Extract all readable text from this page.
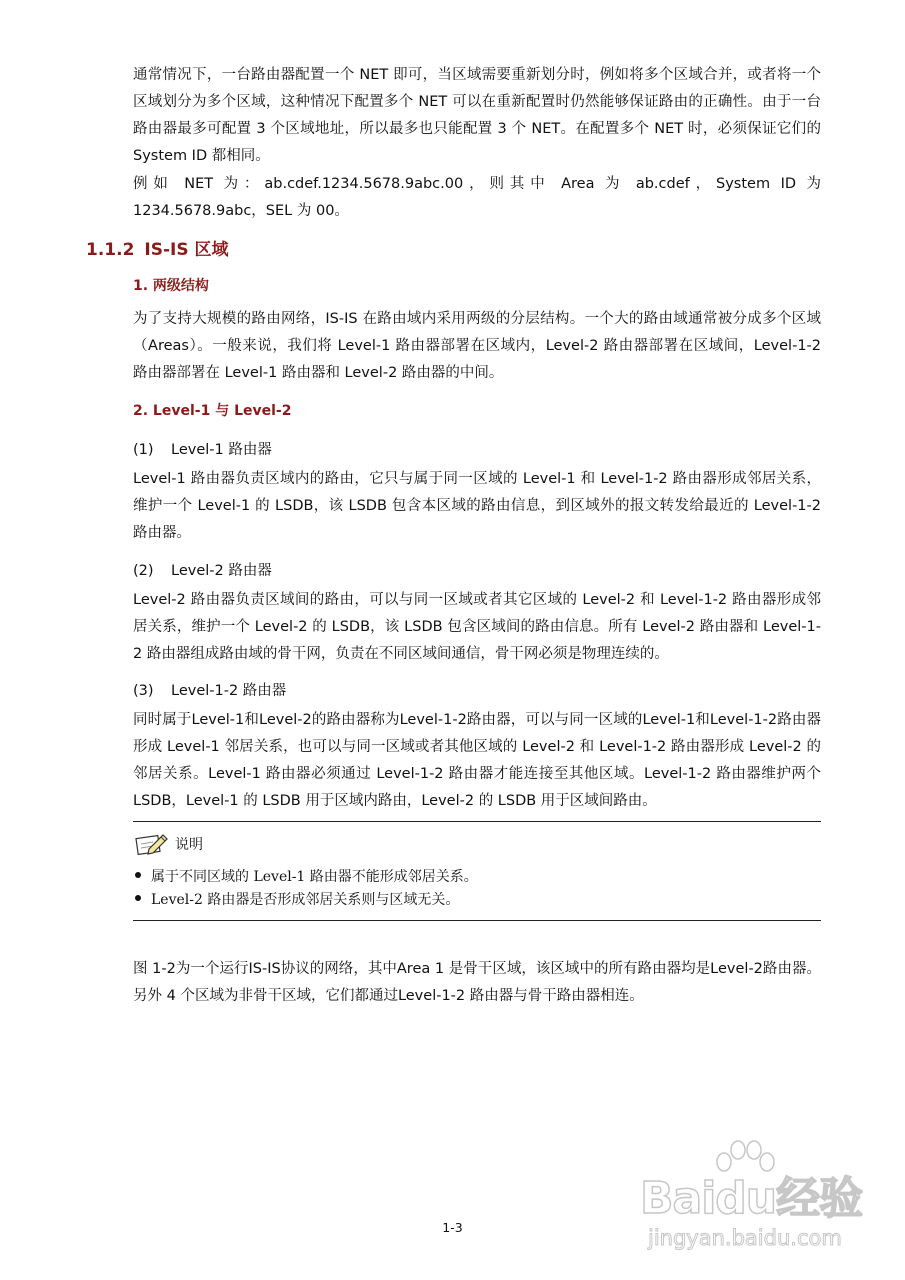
通常情况下，一台路由器配置一个 NET 即可，当区域需要重新划分时，例如将多个区域合并，或者将一个区域划分为多个区域，这种情况下配置多个 NET 可以在重新配置时仍然能够保证路由的正确性。由于一台路由器最多可配置 3 个区域地址，所以最多也只能配置 3 个 NET。在配置多个 NET 时，必须保证它们的 System ID 都相同。

例如 NET 为：ab.cdef.1234.5678.9abc.00，则其中 Area 为 ab.cdef，System ID 为 1234.5678.9abc，SEL 为 00。

1.1.2 IS-IS 区域
1. 两级结构

为了支持大规模的路由网络，IS-IS 在路由域内采用两级的分层结构。一个大的路由域通常被分成多个区域（Areas）。一般来说，我们将 Level-1 路由器部署在区域内，Level-2 路由器部署在区域间，Level-1-2 路由器部署在 Level-1 路由器和 Level-2 路由器的中间。

2. Level-1 与 Level-2
(1) Level-1 路由器

Level-1 路由器负责区域内的路由，它只与属于同一区域的 Level-1 和 Level-1-2 路由器形成邻居关系，维护一个 Level-1 的 LSDB，该 LSDB 包含本区域的路由信息，到区域外的报文转发给最近的 Level-1-2 路由器。

(2) Level-2 路由器

Level-2 路由器负责区域间的路由，可以与同一区域或者其它区域的 Level-2 和 Level-1-2 路由器形成邻居关系，维护一个 Level-2 的 LSDB，该 LSDB 包含区域间的路由信息。所有 Level-2 路由器和 Level-1-2 路由器组成路由域的骨干网，负责在不同区域间通信，骨干网必须是物理连续的。

(3) Level-1-2 路由器

同时属于Level-1和Level-2的路由器称为Level-1-2路由器，可以与同一区域的Level-1和Level-1-2路由器形成 Level-1 邻居关系，也可以与同一区域或者其他区域的 Level-2 和 Level-1-2 路由器形成 Level-2 的邻居关系。Level-1 路由器必须通过 Level-1-2 路由器才能连接至其他区域。Level-1-2 路由器维护两个 LSDB，Level-1 的 LSDB 用于区域内路由，Level-2 的 LSDB 用于区域间路由。

说明

属于不同区域的 Level-1 路由器不能形成邻居关系。

Level-2 路由器是否形成邻居关系则与区域无关。

图 1-2为一个运行IS-IS协议的网络，其中Area 1 是骨干区域，该区域中的所有路由器均是Level-2路由器。另外 4 个区域为非骨干区域，它们都通过Level-1-2 路由器与骨干路由器相连。

1-3
Baidu经验
jingyan.baidu.com
